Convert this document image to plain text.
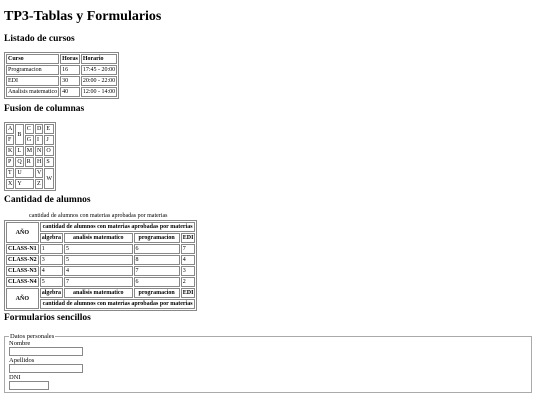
TP3-Tablas y Formularios
Listado de cursos
Curso	Horas	Horario
Programacion	16	17:45 - 20:00
EDI	30	20:00 - 22:00
Analisis matematico	40	12:00 - 14:00
Fusion de columnas
A	B	C	D	E
F		G	I	J
K	L	M	N	O
P	Q	R	H	S
T	U		V	W
X	Y		Z	
Cantidad de alumnos
cantidad de alumnos con materias aprobadas por materias
AÑO	cantidad de alumnos con materias aprobadas por materias			
	algebra	analisis matematico	programacion	EDI
CLASS-N1	1	5	6	7
CLASS-N2	3	5	8	4
CLASS-N3	4	4	7	3
CLASS-N4	5	7	6	2
AÑO	algebra	analisis matematico	programacion	EDI
	cantidad de alumnos con materias aprobadas por materias			
Formularios sencillos
Datos personales
Nombre
Apellidos
DNI
